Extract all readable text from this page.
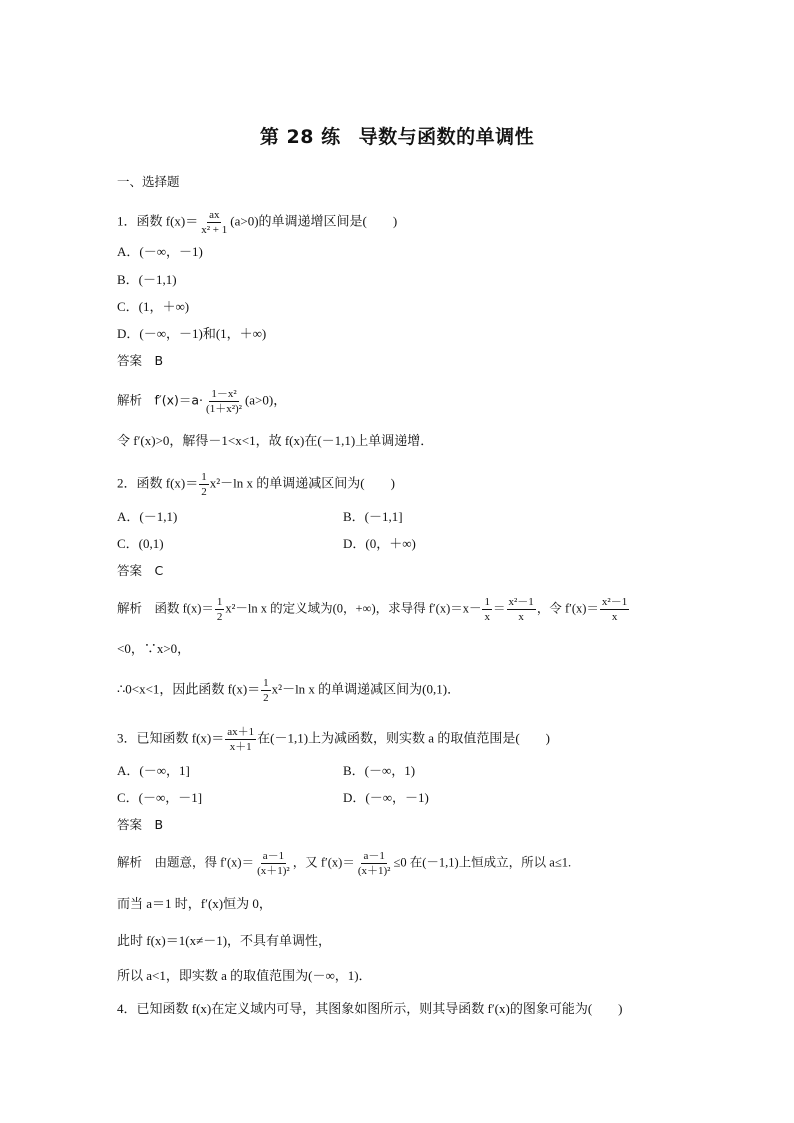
第 28 练 导数与函数的单调性
一、选择题
1．函数 $f(x)= \frac{ax}{\text{x² + 1}} (a>0)$的单调递增区间是(　　)
A．(－∞，－1)
B．(－1,1)
C．(1，＋∞)
D．(－∞，－1)和(1，＋∞)
答案　B
解析　$f'(x)=a\cdot \frac{\text{1－x²}}{\text{(1＋x²)²}} (a>0)$，
令 f′(x)>0，解得－1<x<1，故 f(x)在(－1,1)上单调递增．
2．函数 $f(x)= \frac{1}{2} x^2-\ln$ x 的单调递减区间为(　　)
A．(－1,1)	B．(－1,1]
C．(0,1)	D．(0，＋∞)
答案　C
解析　函数 $f(x)= \frac{1}{2} x^2-\ln$ x 的定义域为(0，+∞)，求导得 $f'(x)=x- \frac{1}{x} = \frac{\text{x²－1}}{x}$ ，令 $f'(x)= \frac{\text{x²－1}}{x}$
<0，∵x>0，
∴0<x<1，因此函数 $f(x)= \frac{1}{2} x^2-\ln$ x 的单调递减区间为(0,1)．
3．已知函数 $f(x)= \frac{ax+1}{x+1}$ 在(－1,1)上为减函数，则实数 a 的取值范围是(　　)
A．(－∞，1]	B．(－∞，1)
C．(－∞，－1]	D．(－∞，－1)
答案　B
解析　由题意，得 $f'(x)= \frac{a-1}{\text{(x＋1)²}}$ ，又 $f'(x)= \frac{a-1}{\text{(x＋1)²}} \le 0$ 在(－1,1)上恒成立，所以 a≤1.
而当 a＝1 时，f′(x)恒为 0，
此时 f(x)＝1(x≠－1)，不具有单调性，
所以 a<1，即实数 a 的取值范围为(－∞，1)．
4．已知函数 f(x)在定义域内可导，其图象如图所示，则其导函数 f′(x)的图象可能为(　　)
